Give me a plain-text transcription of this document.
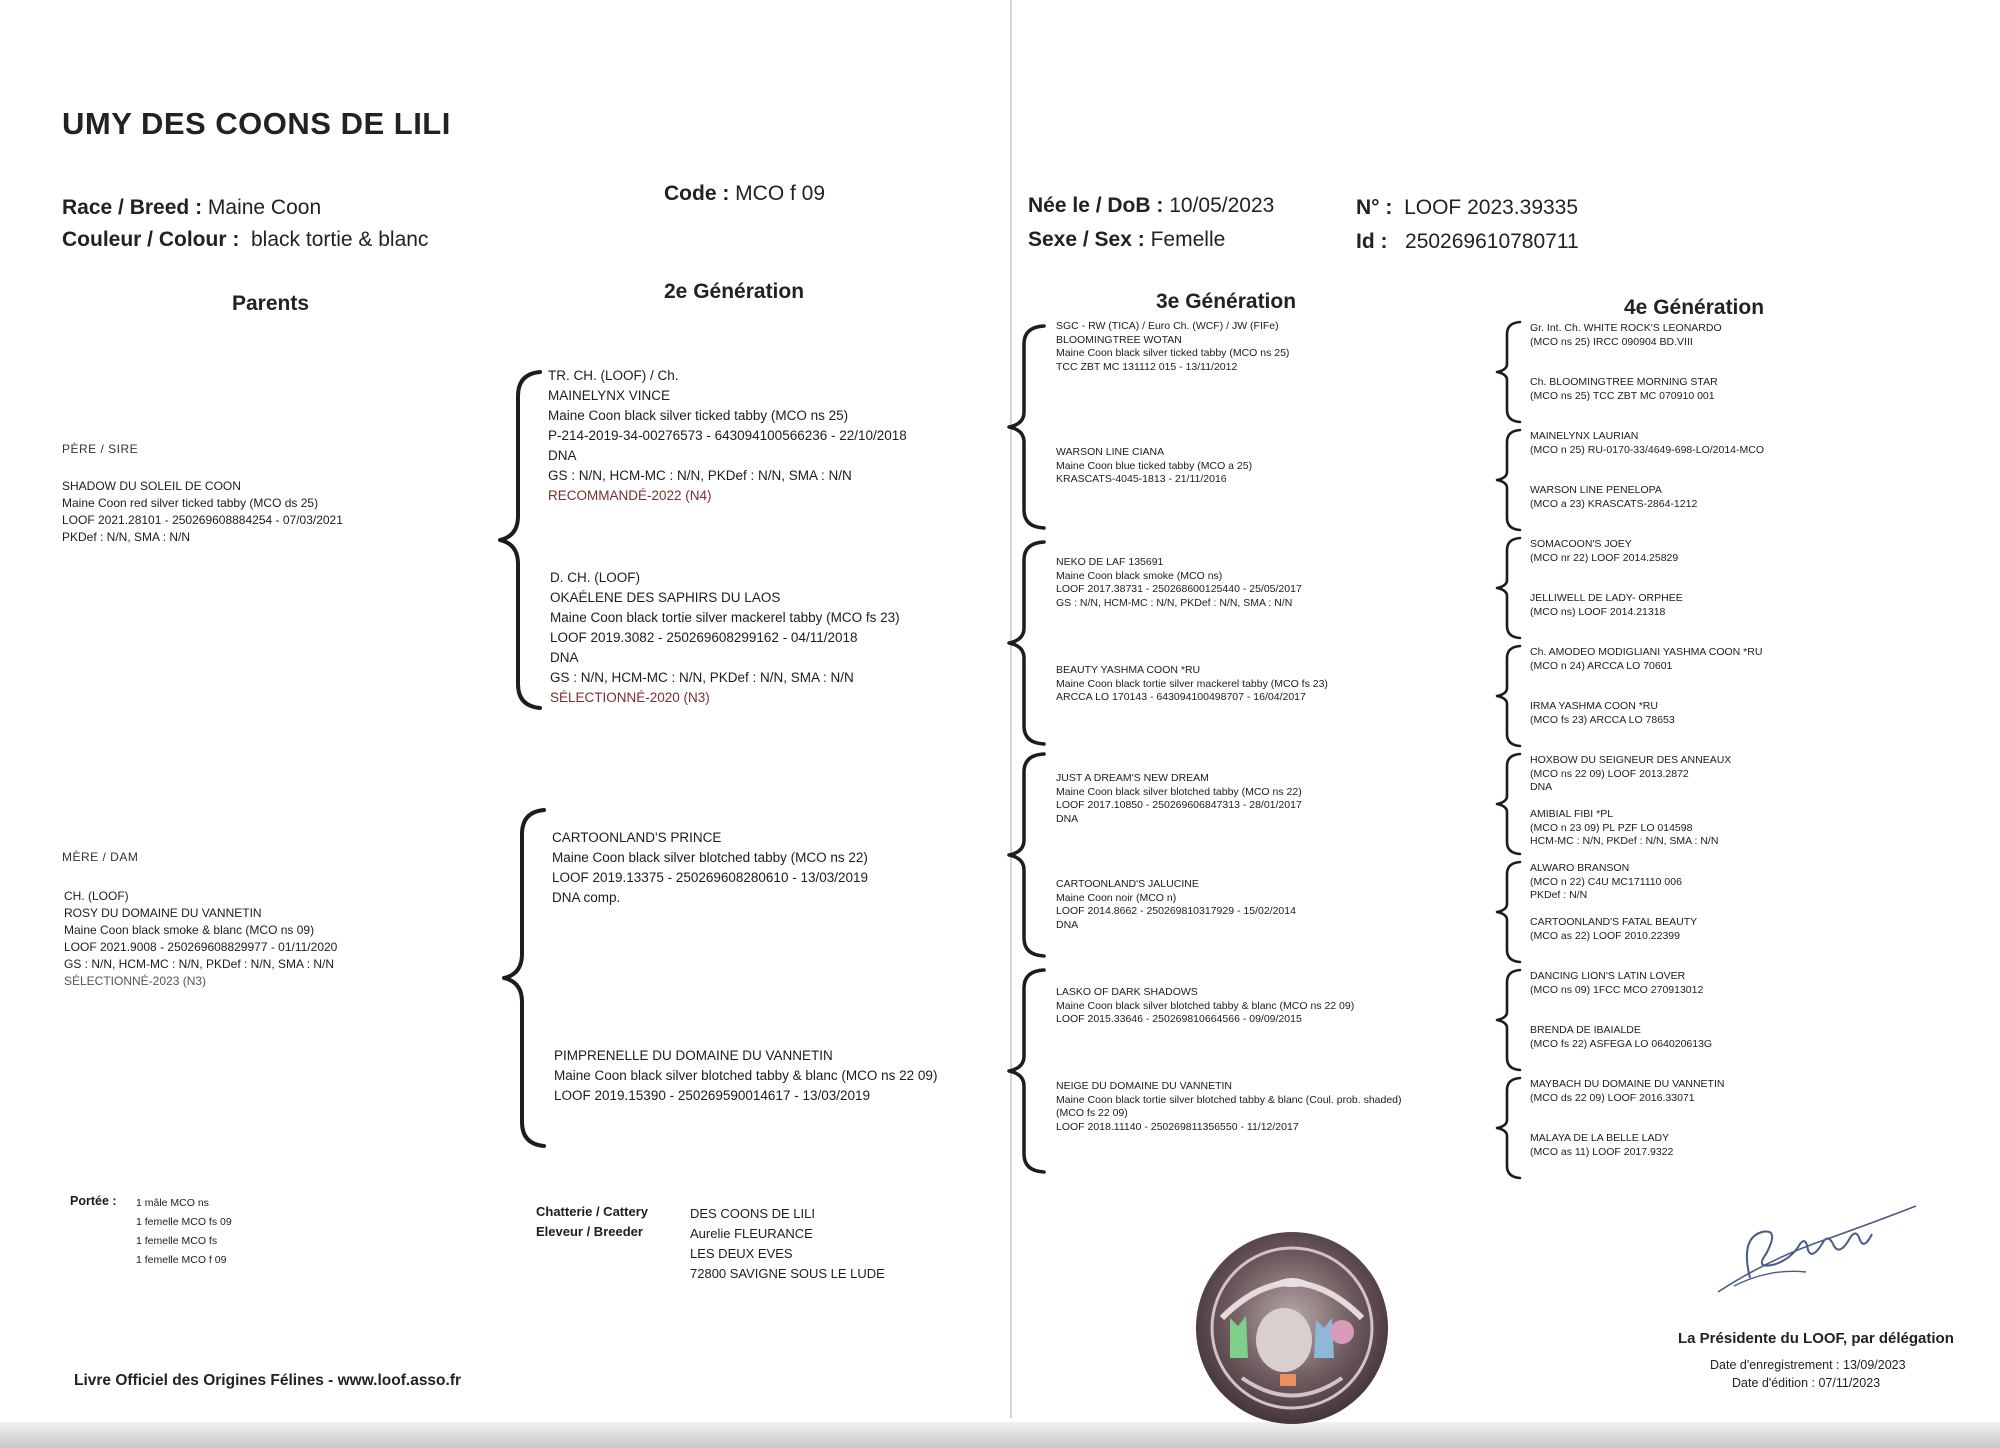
UMY DES COONS DE LILI
Race / Breed : Maine Coon
Couleur / Colour : black tortie & blanc
Code : MCO f 09
Née le / DoB : 10/05/2023
Sexe / Sex : Femelle
N° : LOOF 2023.39335
Id : 250269610780711
Parents
2e Génération	3e Génération	4e Génération
PÈRE / SIRE
SHADOW DU SOLEIL DE COON
Maine Coon red silver ticked tabby (MCO ds 25)
LOOF 2021.28101 - 250269608884254 - 07/03/2021
PKDef : N/N, SMA : N/N
MÈRE / DAM
CH. (LOOF)
ROSY DU DOMAINE DU VANNETIN
Maine Coon black smoke & blanc (MCO ns 09)
LOOF 2021.9008 - 250269608829977 - 01/11/2020
GS : N/N, HCM-MC : N/N, PKDef : N/N, SMA : N/N
SÉLECTIONNÉ-2023 (N3)
TR. CH. (LOOF) / Ch.
MAINELYNX VINCE
Maine Coon black silver ticked tabby (MCO ns 25)
P-214-2019-34-00276573 - 643094100566236 - 22/10/2018
DNA
GS : N/N, HCM-MC : N/N, PKDef : N/N, SMA : N/N
RECOMMANDÉ-2022 (N4)
D. CH. (LOOF)
OKAÉLENE DES SAPHIRS DU LAOS
Maine Coon black tortie silver mackerel tabby (MCO fs 23)
LOOF 2019.3082 - 250269608299162 - 04/11/2018
DNA
GS : N/N, HCM-MC : N/N, PKDef : N/N, SMA : N/N
SÉLECTIONNÉ-2020 (N3)
CARTOONLAND'S PRINCE
Maine Coon black silver blotched tabby (MCO ns 22)
LOOF 2019.13375 - 250269608280610 - 13/03/2019
DNA comp.
PIMPRENELLE DU DOMAINE DU VANNETIN
Maine Coon black silver blotched tabby & blanc (MCO ns 22 09)
LOOF 2019.15390 - 250269590014617 - 13/03/2019
SGC - RW (TICA) / Euro Ch. (WCF) / JW (FIFe)
BLOOMINGTREE WOTAN
Maine Coon black silver ticked tabby (MCO ns 25)
TCC ZBT MC 131112 015 - 13/11/2012
WARSON LINE CIANA
Maine Coon blue ticked tabby (MCO a 25)
KRASCATS-4045-1813 - 21/11/2016
NEKO DE LAF 135691
Maine Coon black smoke (MCO ns)
LOOF 2017.38731 - 250268600125440 - 25/05/2017
GS : N/N, HCM-MC : N/N, PKDef : N/N, SMA : N/N
BEAUTY YASHMA COON *RU
Maine Coon black tortie silver mackerel tabby (MCO fs 23)
ARCCA LO 170143 - 643094100498707 - 16/04/2017
JUST A DREAM'S NEW DREAM
Maine Coon black silver blotched tabby (MCO ns 22)
LOOF 2017.10850 - 250269606847313 - 28/01/2017
DNA
CARTOONLAND'S JALUCINE
Maine Coon noir (MCO n)
LOOF 2014.8662 - 250269810317929 - 15/02/2014
DNA
LASKO OF DARK SHADOWS
Maine Coon black silver blotched tabby & blanc (MCO ns 22 09)
LOOF 2015.33646 - 250269810664566 - 09/09/2015
NEIGE DU DOMAINE DU VANNETIN
Maine Coon black tortie silver blotched tabby & blanc (Coul. prob. shaded)
(MCO fs 22 09)
LOOF 2018.11140 - 250269811356550 - 11/12/2017
Gr. Int. Ch. WHITE ROCK'S LEONARDO
(MCO ns 25) IRCC 090904 BD.VIII
Ch. BLOOMINGTREE MORNING STAR
(MCO ns 25) TCC ZBT MC 070910 001
MAINELYNX LAURIAN
(MCO n 25) RU-0170-33/4649-698-LO/2014-MCO
WARSON LINE PENELOPA
(MCO a 23) KRASCATS-2864-1212
SOMACOON'S JOEY
(MCO nr 22) LOOF 2014.25829
JELLIWELL DE LADY- ORPHEE
(MCO ns) LOOF 2014.21318
Ch. AMODEO MODIGLIANI YASHMA COON *RU
(MCO n 24) ARCCA LO 70601
IRMA YASHMA COON *RU
(MCO fs 23) ARCCA LO 78653
HOXBOW DU SEIGNEUR DES ANNEAUX
(MCO ns 22 09) LOOF 2013.2872
DNA
AMIBIAL FIBI *PL
(MCO n 23 09) PL PZF LO 014598
HCM-MC : N/N, PKDef : N/N, SMA : N/N
ALWARO BRANSON
(MCO n 22) C4U MC171110 006
PKDef : N/N
CARTOONLAND'S FATAL BEAUTY
(MCO as 22) LOOF 2010.22399
DANCING LION'S LATIN LOVER
(MCO ns 09) 1FCC MCO 270913012
BRENDA DE IBAIALDE
(MCO fs 22) ASFEGA LO 064020613G
MAYBACH DU DOMAINE DU VANNETIN
(MCO ds 22 09) LOOF 2016.33071
MALAYA DE LA BELLE LADY
(MCO as 11) LOOF 2017.9322
Portée : 1 mâle MCO ns
1 femelle MCO fs 09
1 femelle MCO fs
1 femelle MCO f 09
Chatterie / Cattery
Eleveur / Breeder
DES COONS DE LILI
Aurelie FLEURANCE
LES DEUX EVES
72800 SAVIGNE SOUS LE LUDE
Livre Officiel des Origines Félines - www.loof.asso.fr
La Présidente du LOOF, par délégation
Date d'enregistrement : 13/09/2023
Date d'édition : 07/11/2023
